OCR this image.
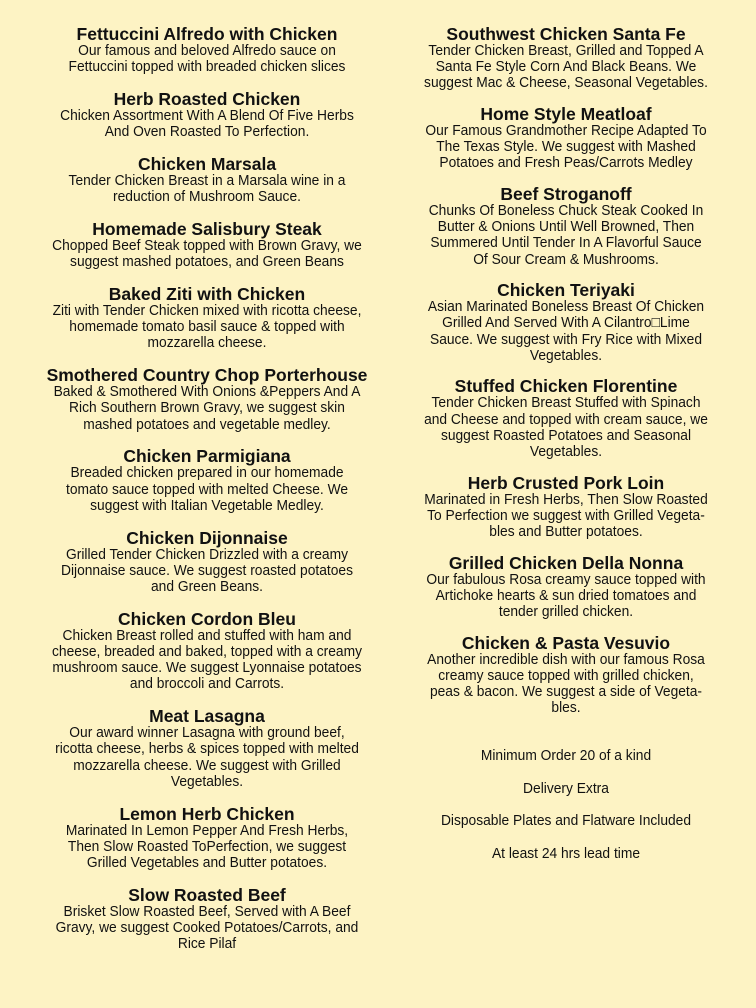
Fettuccini Alfredo with Chicken
Our famous and beloved Alfredo sauce on
Fettuccini topped with breaded chicken slices
Herb Roasted Chicken
Chicken Assortment With A Blend Of Five Herbs
And Oven Roasted To Perfection.
Chicken Marsala
Tender Chicken Breast in a Marsala wine in a
reduction of Mushroom Sauce.
Homemade Salisbury Steak
Chopped Beef Steak topped with Brown Gravy, we
suggest mashed potatoes, and Green Beans
Baked Ziti with Chicken
Ziti with Tender Chicken mixed with ricotta cheese,
homemade tomato basil sauce & topped with
mozzarella cheese.
Smothered Country Chop Porterhouse
Baked & Smothered With Onions &Peppers And A
Rich Southern Brown Gravy, we suggest skin
mashed potatoes and vegetable medley.
Chicken Parmigiana
Breaded chicken prepared in our homemade
tomato sauce topped with melted Cheese. We
suggest with Italian Vegetable Medley.
Chicken Dijonnaise
Grilled Tender Chicken Drizzled with a creamy
Dijonnaise sauce. We suggest roasted potatoes
and Green Beans.
Chicken Cordon Bleu
Chicken Breast rolled and stuffed with ham and
cheese, breaded and baked, topped with a creamy
mushroom sauce. We suggest Lyonnaise potatoes
and broccoli and Carrots.
Meat Lasagna
Our award winner Lasagna with ground beef,
ricotta cheese, herbs & spices topped with melted
mozzarella cheese. We suggest with Grilled
Vegetables.
Lemon Herb Chicken
Marinated In Lemon Pepper And Fresh Herbs,
Then Slow Roasted ToPerfection, we suggest
Grilled Vegetables and Butter potatoes.
Slow Roasted Beef
Brisket Slow Roasted Beef, Served with A Beef
Gravy, we suggest Cooked Potatoes/Carrots, and
Rice Pilaf
Southwest Chicken Santa Fe
Tender Chicken Breast, Grilled and Topped A
Santa Fe Style Corn And Black Beans. We
suggest Mac & Cheese, Seasonal Vegetables.
Home Style Meatloaf
Our Famous Grandmother Recipe Adapted To
The Texas Style. We suggest with Mashed
Potatoes and Fresh Peas/Carrots Medley
Beef Stroganoff
Chunks Of Boneless Chuck Steak Cooked In
Butter & Onions Until Well Browned, Then
Summered Until Tender In A Flavorful Sauce
Of Sour Cream & Mushrooms.
Chicken Teriyaki
Asian Marinated Boneless Breast Of Chicken
Grilled And Served With A Cilantro□Lime
Sauce. We suggest with Fry Rice with Mixed
Vegetables.
Stuffed Chicken Florentine
Tender Chicken Breast Stuffed with Spinach
and Cheese and topped with cream sauce, we
suggest Roasted Potatoes and Seasonal
Vegetables.
Herb Crusted Pork Loin
Marinated in Fresh Herbs, Then Slow Roasted
To Perfection we suggest with Grilled Vegeta-
bles and Butter potatoes.
Grilled Chicken Della Nonna
Our fabulous Rosa creamy sauce topped with
Artichoke hearts & sun dried tomatoes and
tender grilled chicken.
Chicken & Pasta Vesuvio
Another incredible dish with our famous Rosa
creamy sauce topped with grilled chicken,
peas & bacon. We suggest a side of Vegeta-
bles.
Minimum Order 20 of a kind
Delivery Extra
Disposable Plates and Flatware Included
At least 24 hrs lead time
